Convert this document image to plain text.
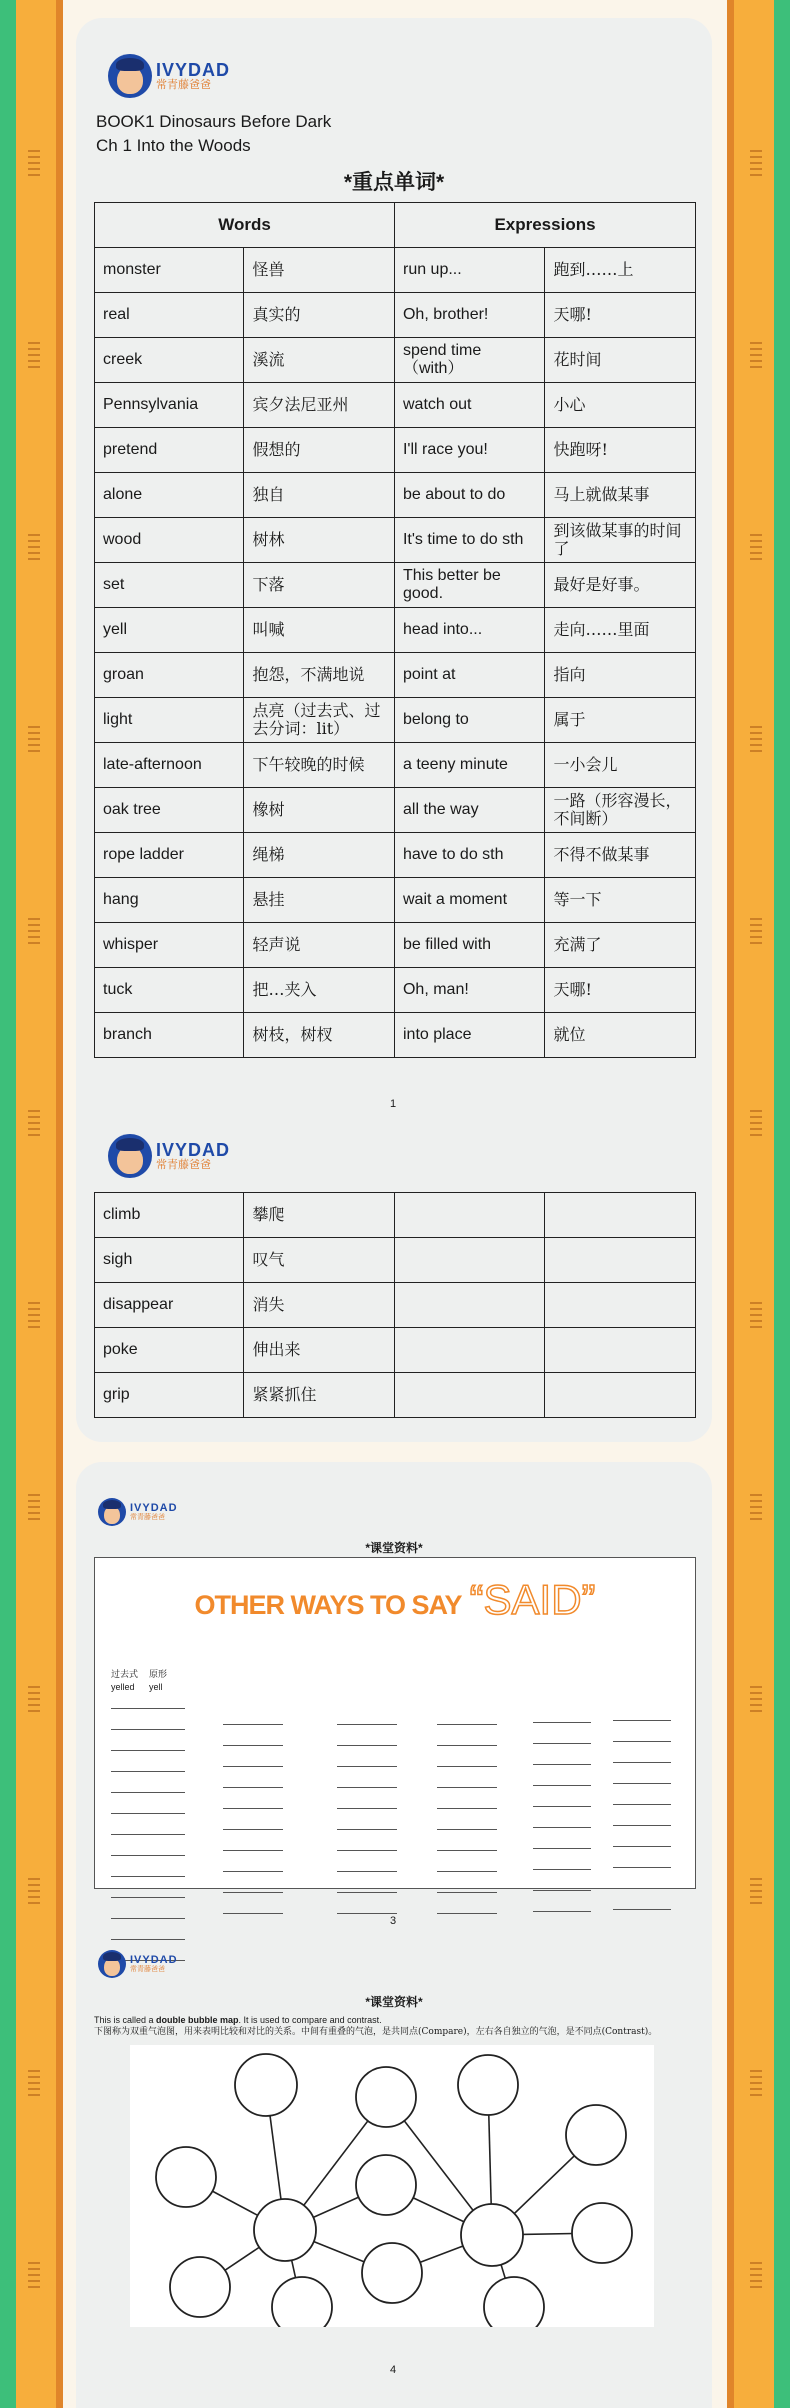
IVYDAD
常青藤爸爸
BOOK1 Dinosaurs Before Dark
Ch 1 Into the Woods
*重点单词*
Words		Expressions	
monster	怪兽	run up...	跑到……上
real	真实的	Oh, brother!	天哪!
creek	溪流	spend time （with）	花时间
Pennsylvania	宾夕法尼亚州	watch out	小心
pretend	假想的	I'll race you!	快跑呀!
alone	独自	be about to do	马上就做某事
wood	树林	It's time to do sth	到该做某事的时间了
set	下落	This better be good.	最好是好事。
yell	叫喊	head into...	走向……里面
groan	抱怨，不满地说	point at	指向
light	点亮（过去式、过去分词：lit）	belong to	属于
late-afternoon	下午较晚的时候	a teeny minute	一小会儿
oak tree	橡树	all the way	一路（形容漫长，不间断）
rope ladder	绳梯	have to do sth	不得不做某事
hang	悬挂	wait a moment	等一下
whisper	轻声说	be filled with	充满了
tuck	把…夹入	Oh, man!	天哪!
branch	树枝，树杈	into place	就位
1
IVYDAD
常青藤爸爸
climb	攀爬		
sigh	叹气		
disappear	消失		
poke	伸出来		
grip	紧紧抓住		
IVYDAD
常青藤爸爸
*课堂资料*
OTHER WAYS TO SAY “SAID”
过去式
yelled
原形
yell
3
IVYDAD
常青藤爸爸
*课堂资料*
This is called a double bubble map. It is used to compare and contrast.
下图称为双重气泡图，用来表明比较和对比的关系。中间有重叠的气泡，是共同点(Compare)，左右各自独立的气泡，是不同点(Contrast)。
4
